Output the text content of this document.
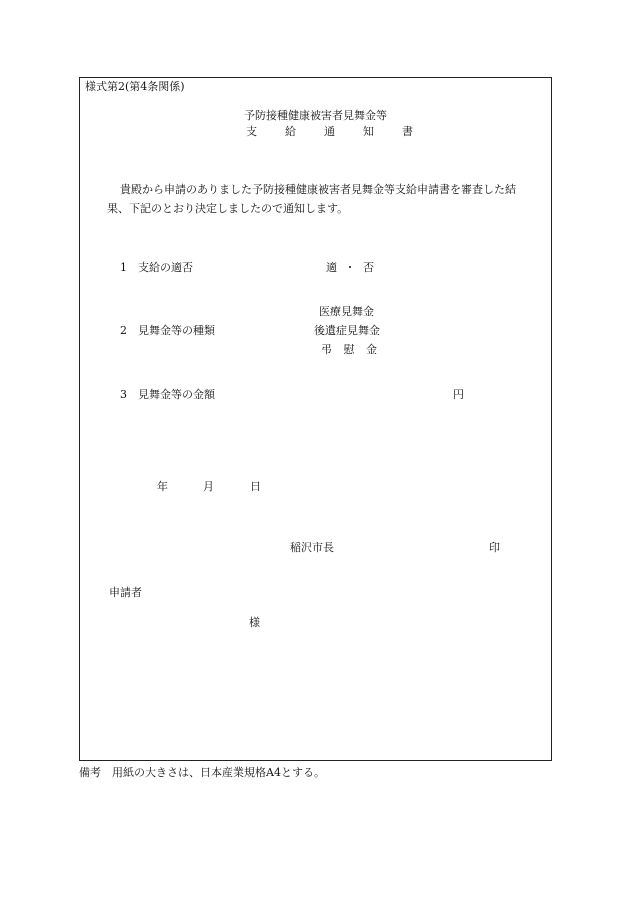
様式第2(第4条関係)
予防接種健康被害者見舞金等
支給通知書
貴殿から申請のありました予防接種健康被害者見舞金等支給申請書を審査した結
果、下記のとおり決定しましたので通知します。
1 支給の適否	適 ・ 否
医療見舞金
2 見舞金等の種類	後遺症見舞金
弔 慰 金
3 見舞金等の金額	円
年	月	日
稲沢市長	印
申請者
様
備考　用紙の大きさは、日本産業規格A4とする。
